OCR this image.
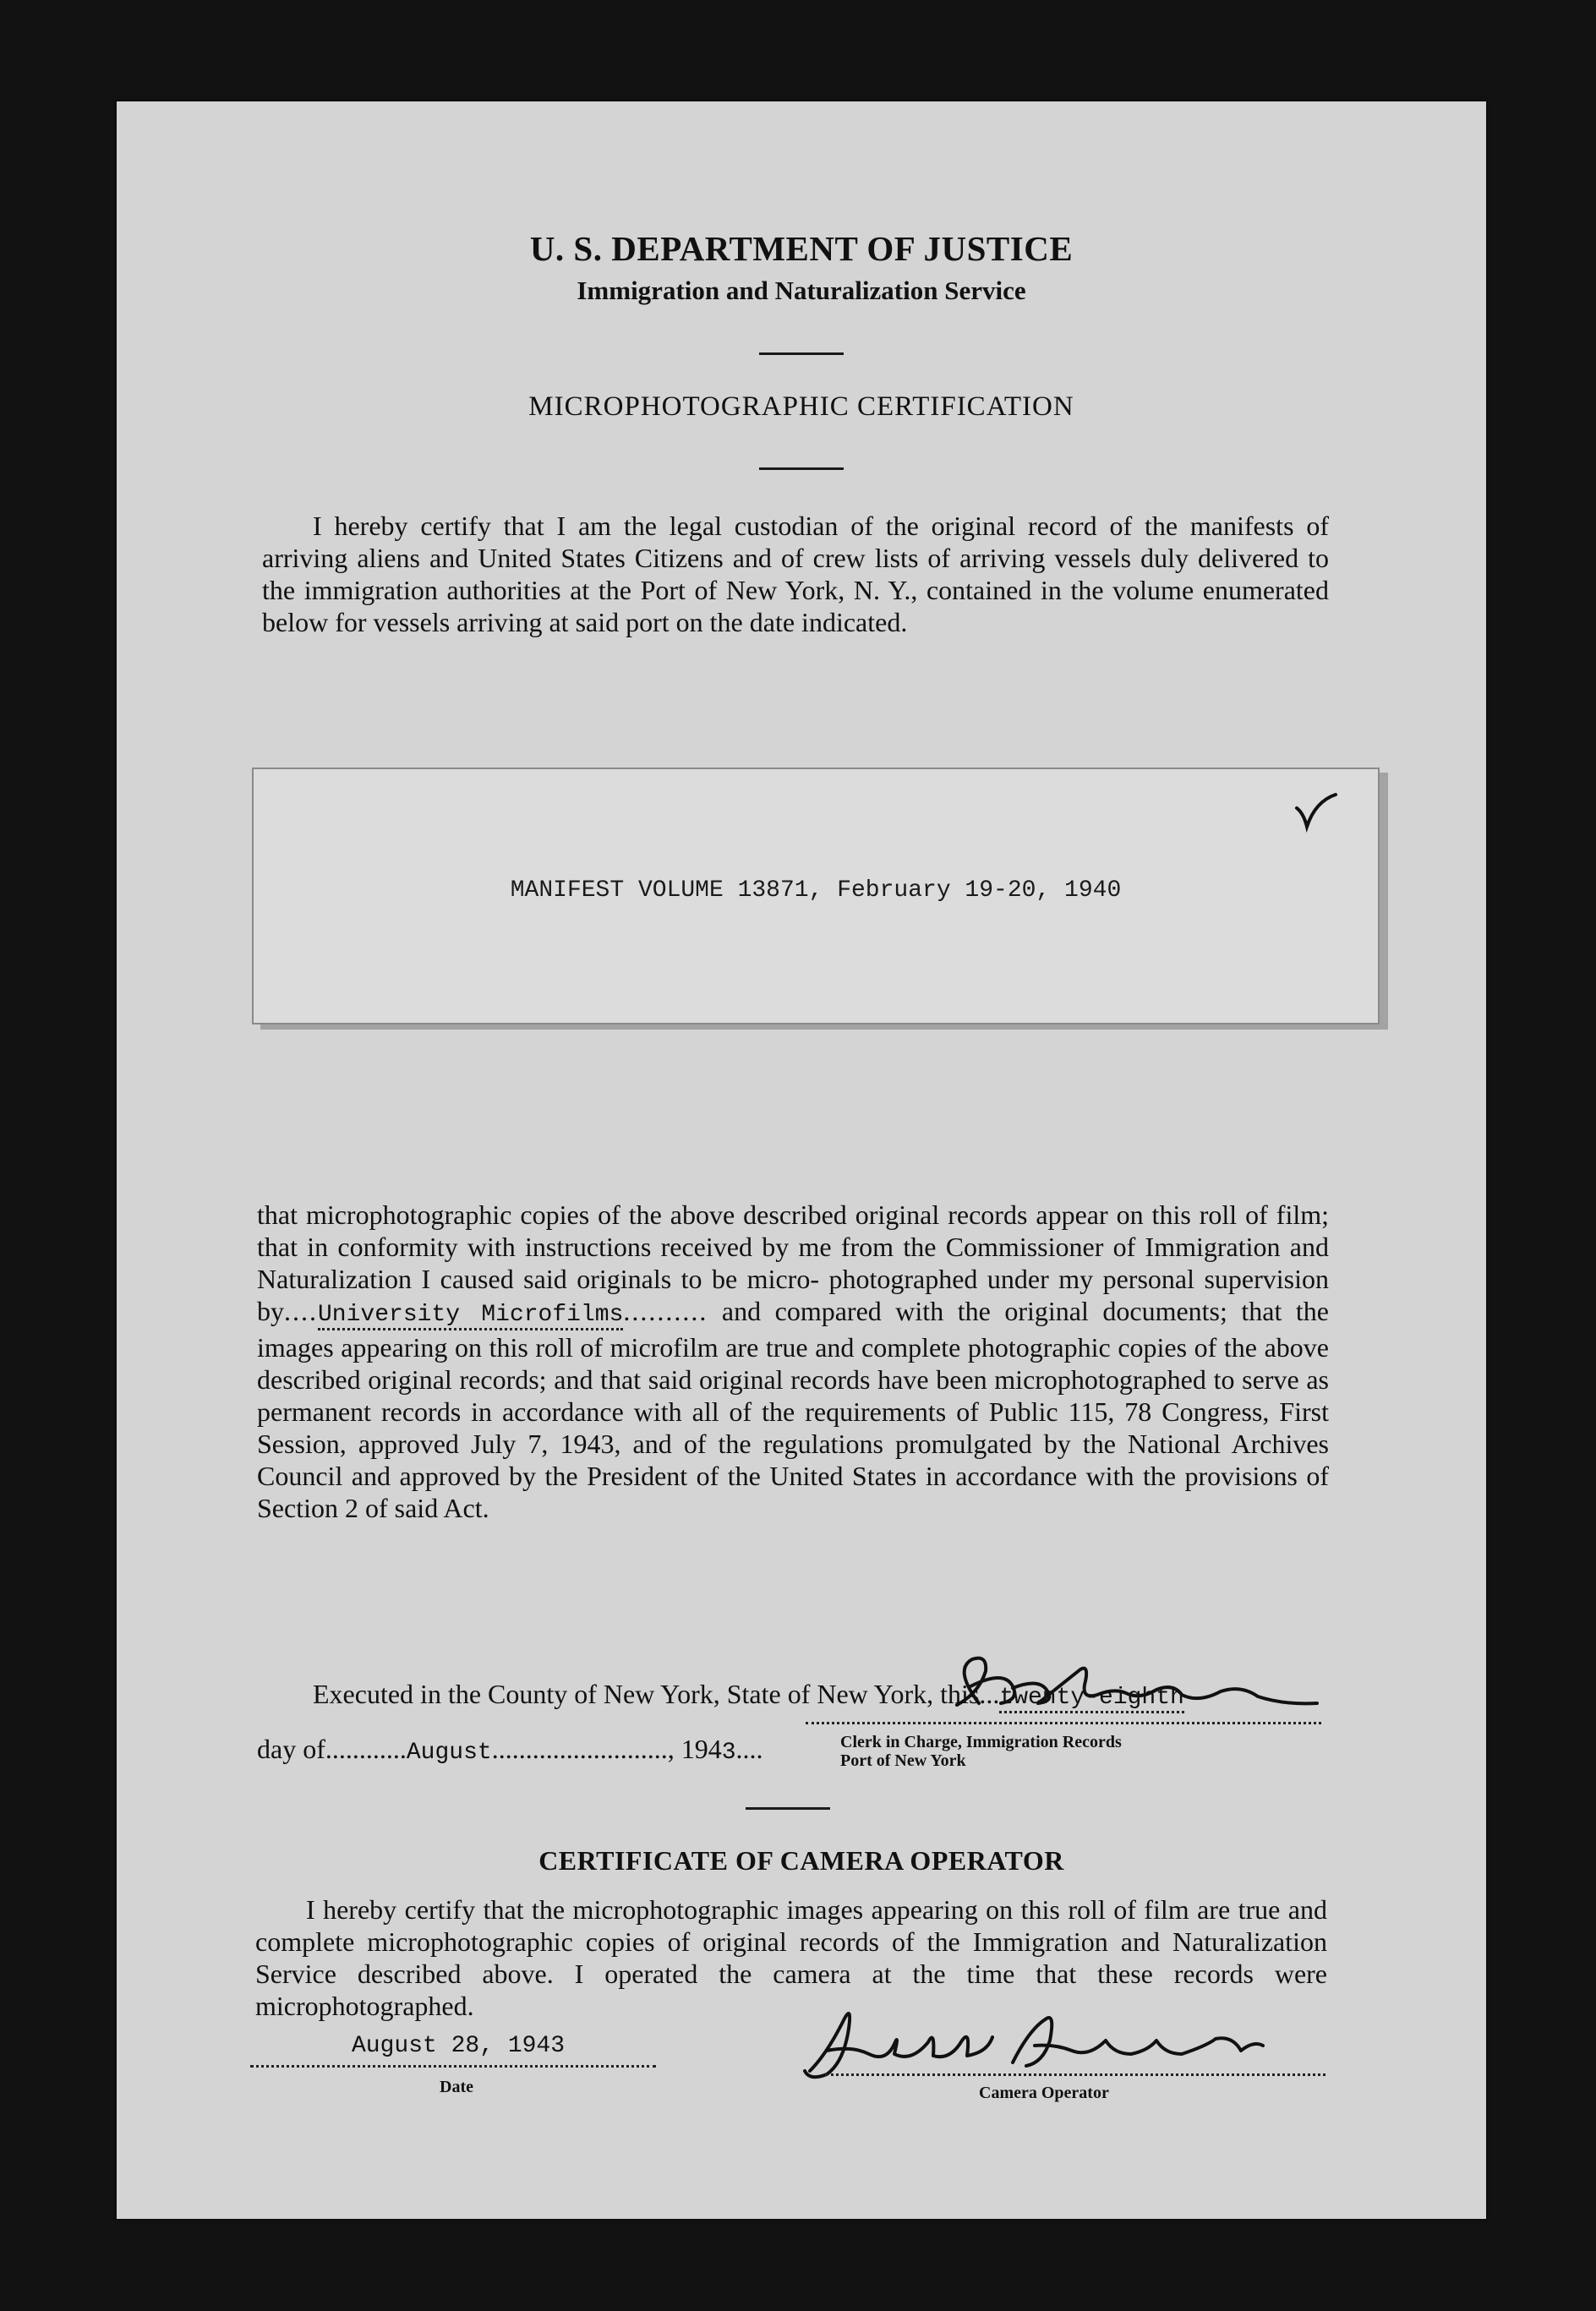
U. S. DEPARTMENT OF JUSTICE
Immigration and Naturalization Service
MICROPHOTOGRAPHIC CERTIFICATION
I hereby certify that I am the legal custodian of the original record of the manifests of arriving aliens and United States Citizens and of crew lists of arriving vessels duly delivered to the immigration authorities at the Port of New York, N. Y., contained in the volume enumerated below for vessels arriving at said port on the date indicated.
MANIFEST VOLUME 13871, February 19-20, 1940
that microphotographic copies of the above described original records appear on this roll of film; that in conformity with instructions received by me from the Commissioner of Immigration and Naturalization I caused said originals to be micro- photographed under my personal supervision by....University Microfilms.......... and compared with the original documents; that the images appearing on this roll of microfilm are true and complete photographic copies of the above described original records; and that said original records have been microphotographed to serve as permanent records in accordance with all of the requirements of Public 115, 78 Congress, First Session, approved July 7, 1943, and of the regulations promulgated by the National Archives Council and approved by the President of the United States in accordance with the provisions of Section 2 of said Act.
Executed in the County of New York, State of New York, this...twenty-eighth
day of............August.........................., 1943....	Clerk in Charge, Immigration Records
Port of New York
CERTIFICATE OF CAMERA OPERATOR
I hereby certify that the microphotographic images appearing on this roll of film are true and complete microphotographic copies of original records of the Immigration and Naturalization Service described above. I operated the camera at the time that these records were microphotographed.
August 28, 1943
Date	Camera Operator
